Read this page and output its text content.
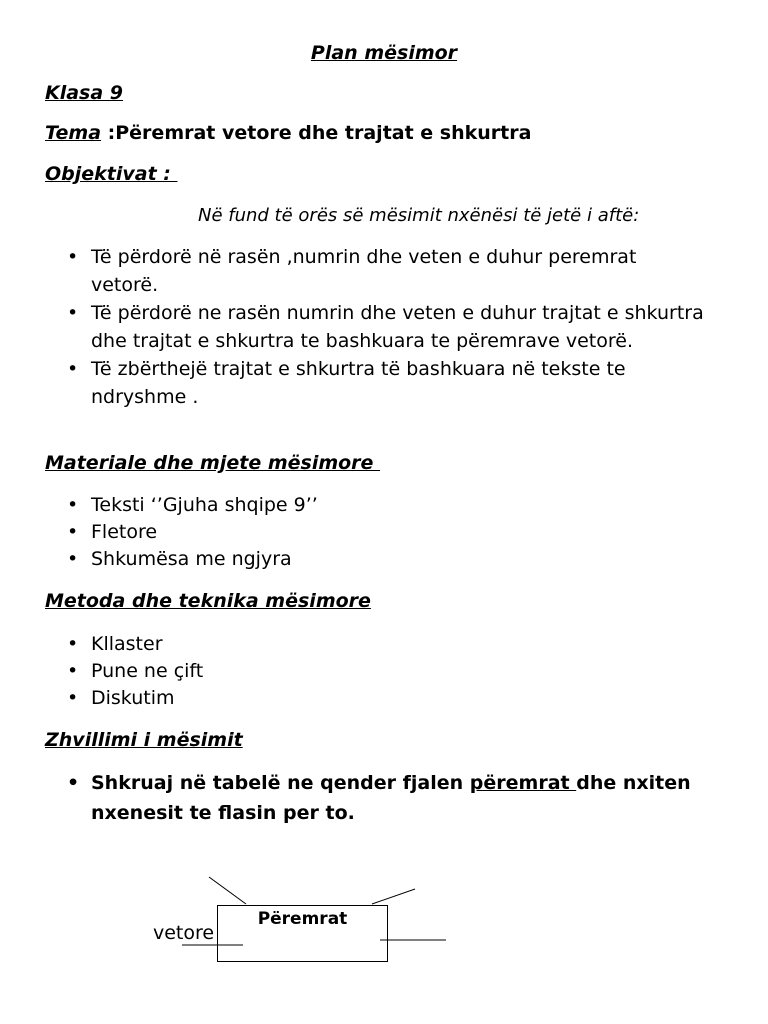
Plan mësimor
Klasa 9
Tema :Përemrat vetore dhe trajtat e shkurtra
Objektivat :
Në fund të orës së mësimit nxënësi të jetë i aftë:
• Të përdorë në rasën ,numrin dhe veten e duhur peremrat vetorë.
• Të përdorë ne rasën numrin dhe veten e duhur trajtat e shkurtra dhe trajtat e shkurtra te bashkuara te përemrave vetorë.
• Të zbërthejë trajtat e shkurtra të bashkuara në tekste te ndryshme .
Materiale dhe mjete mësimore
• Teksti ‘’Gjuha shqipe 9’’
• Fletore
• Shkumësa me ngjyra
Metoda dhe teknika mësimore
• Kllaster
• Pune ne çift
• Diskutim
Zhvillimi i mësimit
• Shkruaj në tabelë ne qender fjalen përemrat dhe nxiten nxenesit te flasin per to.
Përemrat
vetore
